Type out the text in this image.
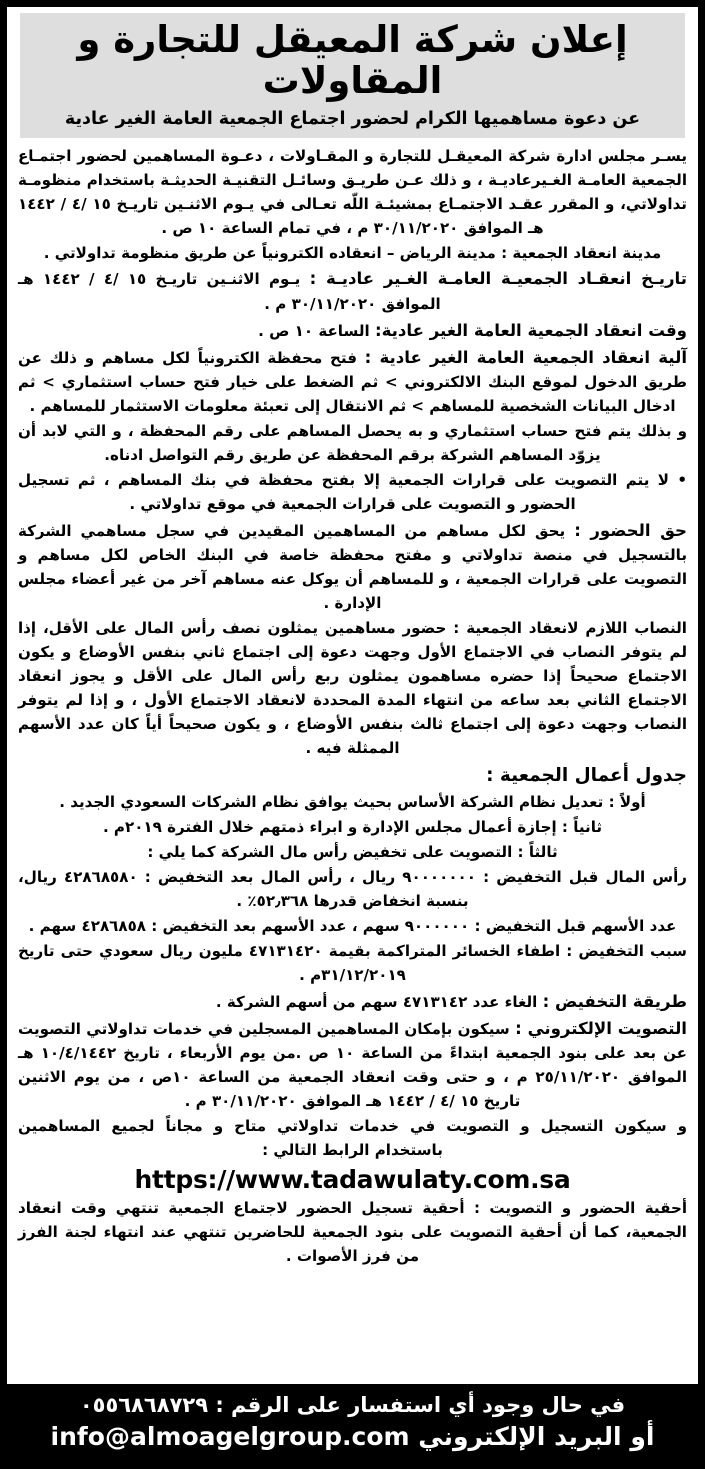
إعلان شركة المعيقل للتجارة و المقاولات
عن دعوة مساهميها الكرام لحضور اجتماع الجمعية العامة الغير عادية

يسـر مجلس ادارة شركة المعيقـل للتجارة و المقـاولات ، دعـوة المساهمين لحضور اجتمـاع الجمعية العامـة الغـيرعاديـة ، و ذلك عـن طريـق وسائـل التقنيـة الحديثـة باستخدام منظومـة تداولاتي، و المقرر عقـد الاجتمـاع بمشيئـة اللّه تعـالى في يـوم الاثنـين تاريـخ ١٥ /٤ / ١٤٤٢ هـ الموافق ٣٠/١١/٢٠٢٠ م ، في تمام الساعة ١٠ ص .

مدينة انعقاد الجمعية : مدينة الرياض – انعقاده الكترونياً عن طريق منظومة تداولاتي .

تاريـخ انعقـاد الجمعيـة العامـة الغـير عاديـة : يـوم الاثنـين تاريـخ ١٥ /٤ / ١٤٤٢ هـ الموافق ٣٠/١١/٢٠٢٠ م .

وقت انعقاد الجمعية العامة الغير عادية: الساعة ١٠ ص .

آلية انعقاد الجمعية العامة الغير عادية : فتح محفظة الكترونياً لكل مساهم و ذلك عن طريق الدخول لموقع البنك الالكتروني > ثم الضغط على خيار فتح حساب استثماري > ثم ادخال البيانات الشخصية للمساهم > ثم الانتقال إلى تعبئة معلومات الاستثمار للمساهم .

و بذلك يتم فتح حساب استثماري و به يحصل المساهم على رقم المحفظة ، و التي لابد أن يزوّد المساهم الشركة برقم المحفظة عن طريق رقم التواصل ادناه.

• لا يتم التصويت على قرارات الجمعية إلا بفتح محفظة في بنك المساهم ، ثم تسجيل الحضور و التصويت على قرارات الجمعية في موقع تداولاتي .

حق الحضور : يحق لكل مساهم من المساهمين المقيدين في سجل مساهمي الشركة بالتسجيل في منصة تداولاتي و مفتح محفظة خاصة في البنك الخاص لكل مساهم و التصويت على قرارات الجمعية ، و للمساهم أن يوكل عنه مساهم آخر من غير أعضاء مجلس الإدارة .

النصاب اللازم لانعقاد الجمعية : حضور مساهمين يمثلون نصف رأس المال على الأقل، إذا لم يتوفر النصاب في الاجتماع الأول وجهت دعوة إلى اجتماع ثاني بنفس الأوضاع و يكون الاجتماع صحيحاً إذا حضره مساهمون يمثلون ربع رأس المال على الأقل و يجوز انعقاد الاجتماع الثاني بعد ساعه من انتهاء المدة المحددة لانعقاد الاجتماع الأول ، و إذا لم يتوفر النصاب وجهت دعوة إلى اجتماع ثالث بنفس الأوضاع ، و يكون صحيحاً أياً كان عدد الأسهم الممثلة فيه .

جدول أعمال الجمعية :

أولاً : تعديل نظام الشركة الأساس بحيث يوافق نظام الشركات السعودي الجديد .

ثانياً : إجازة أعمال مجلس الإدارة و ابراء ذمتهم خلال الفترة ٢٠١٩م .

ثالثاً : التصويت على تخفيض رأس مال الشركة كما يلي :

رأس المال قبل التخفيض : ٩٠٠٠٠٠٠٠ ريال ، رأس المال بعد التخفيض : ٤٢٨٦٨٥٨٠ ريال، بنسبة انخفاض قدرها ٥٢٫٣٦٨٪ .

عدد الأسهم قبل التخفيض : ٩٠٠٠٠٠٠ سهم ، عدد الأسهم بعد التخفيض : ٤٢٨٦٨٥٨ سهم .

سبب التخفيض : اطفاء الخسائر المتراكمة بقيمة ٤٧١٣١٤٢٠ مليون ريال سعودي حتى تاريخ ٣١/١٢/٢٠١٩م .

طريقة التخفيض : الغاء عدد ٤٧١٣١٤٢ سهم من أسهم الشركة .

التصويت الإلكتروني : سيكون بإمكان المساهمين المسجلين في خدمات تداولاتي التصويت عن بعد على بنود الجمعية ابتداءً من الساعة ١٠ ص .من يوم الأربعاء ، تاريخ ١٠/٤/١٤٤٢ هـ الموافق ٢٥/١١/٢٠٢٠ م ، و حتى وقت انعقاد الجمعية من الساعة ١٠ص ، من يوم الاثنين تاريخ ١٥ /٤ / ١٤٤٢ هـ الموافق ٣٠/١١/٢٠٢٠ م .

و سيكون التسجيل و التصويت في خدمات تداولاتي متاح و مجاناً لجميع المساهمين باستخدام الرابط التالي :

https://www.tadawulaty.com.sa

أحقية الحضور و التصويت : أحقية تسجيل الحضور لاجتماع الجمعية تنتهي وقت انعقاد الجمعية، كما أن أحقية التصويت على بنود الجمعية للحاضرين تنتهي عند انتهاء لجنة الفرز من فرز الأصوات .

في حال وجود أي استفسار على الرقم : ٠٥٥٦٨٦٨٧٢٩
أو البريد الإلكتروني info@almoagelgroup.com
